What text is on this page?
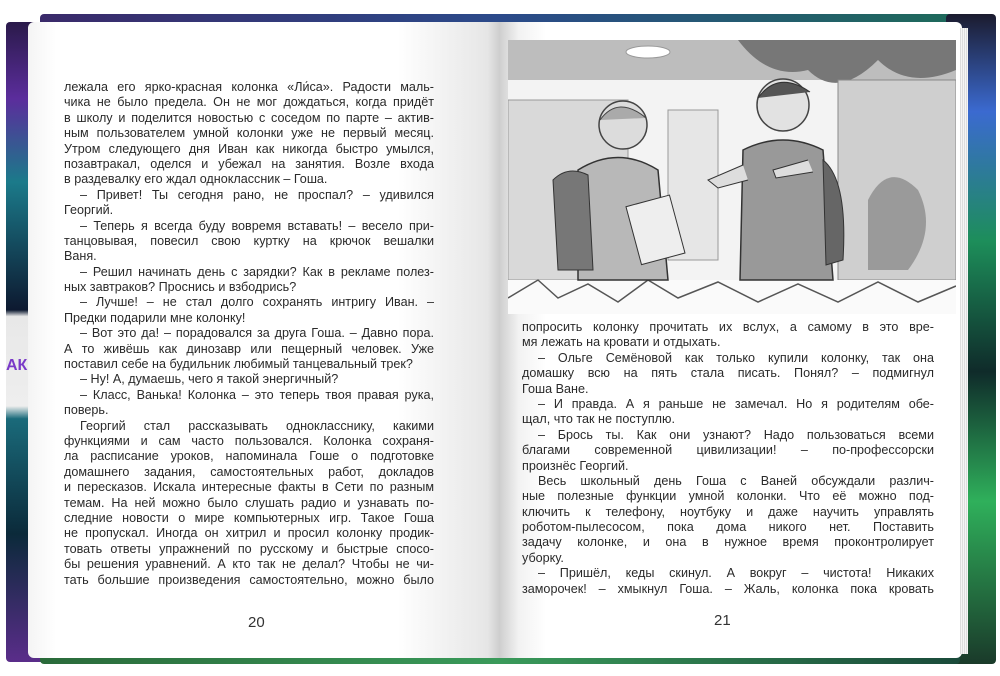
АК
лежала его ярко-красная колонка «Ли́са». Радости маль-
чика не было предела. Он не мог дождаться, когда придёт
в школу и поделится новостью с соседом по парте – актив-
ным пользователем умной колонки уже не первый месяц.
Утром следующего дня Иван как никогда быстро умылся,
позавтракал, оделся и убежал на занятия. Возле входа
в раздевалку его ждал одноклассник – Гоша.
– Привет! Ты сегодня рано, не проспал? – удивился
Георгий.
– Теперь я всегда буду вовремя вставать! – весело при-
танцовывая, повесил свою куртку на крючок вешалки
Ваня.
– Решил начинать день с зарядки? Как в рекламе полез-
ных завтраков? Проснись и взбодрись?
– Лучше! – не стал долго сохранять интригу Иван. –
Предки подарили мне колонку!
– Вот это да! – порадовался за друга Гоша. – Давно пора.
А то живёшь как динозавр или пещерный человек. Уже
поставил себе на будильник любимый танцевальный трек?
– Ну! А, думаешь, чего я такой энергичный?
– Класс, Ванька! Колонка – это теперь твоя правая рука,
поверь.
Георгий стал рассказывать однокласснику, какими
функциями и сам часто пользовался. Колонка сохраня-
ла расписание уроков, напоминала Гоше о подготовке
домашнего задания, самостоятельных работ, докладов
и пересказов. Искала интересные факты в Сети по разным
темам. На ней можно было слушать радио и узнавать по-
следние новости о мире компьютерных игр. Такое Гоша
не пропускал. Иногда он хитрил и просил колонку продик-
товать ответы упражнений по русскому и быстрые спосо-
бы решения уравнений. А кто так не делал? Чтобы не чи-
тать большие произведения самостоятельно, можно было
20
попросить колонку прочитать их вслух, а самому в это вре-
мя лежать на кровати и отдыхать.
– Ольге Семёновой как только купили колонку, так она
домашку всю на пять стала писать. Понял? – подмигнул
Гоша Ване.
– И правда. А я раньше не замечал. Но я родителям обе-
щал, что так не поступлю.
– Брось ты. Как они узнают? Надо пользоваться всеми
благами современной цивилизации! – по-профессорски
произнёс Георгий.
Весь школьный день Гоша с Ваней обсуждали различ-
ные полезные функции умной колонки. Что её можно под-
ключить к телефону, ноутбуку и даже научить управлять
роботом-пылесосом, пока дома никого нет. Поставить
задачу колонке, и она в нужное время проконтролирует
уборку.
– Пришёл, кеды скинул. А вокруг – чистота! Никаких
заморочек! – хмыкнул Гоша. – Жаль, колонка пока кровать
21
